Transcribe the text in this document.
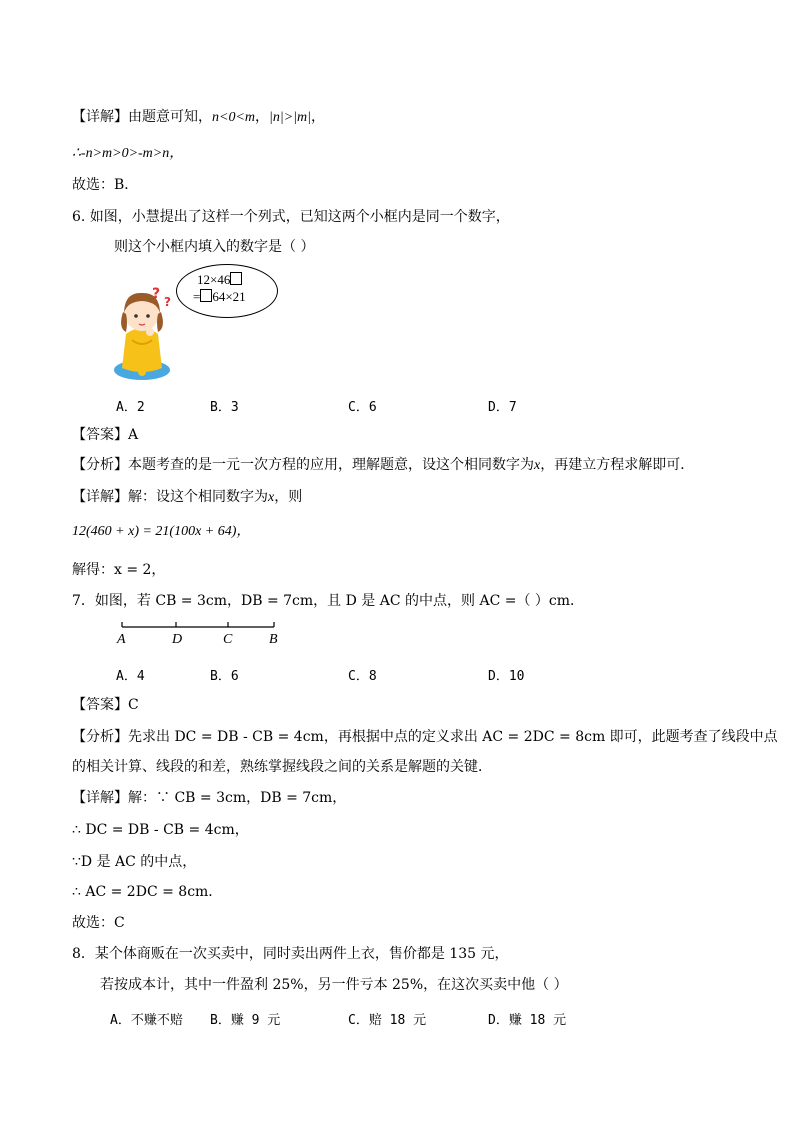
【详解】由题意可知，n<0<m，|n|>|m|，
∴-n>m>0>-m>n，
故选：B．
6. 如图，小慧提出了这样一个列式，已知这两个小框内是同一个数字，
则这个小框内填入的数字是（ ）
12×46
= 64×21
? ?
A．2	B．3	C．6	D．7
【答案】A
【分析】本题考查的是一元一次方程的应用，理解题意，设这个相同数字为x，再建立方程求解即可．
【详解】解：设这个相同数字为x，则
12(460 + x) = 21(100x + 64)，
解得：x = 2，
7．如图，若 CB = 3cm，DB = 7cm，且 D 是 AC 的中点，则 AC =（ ）cm．
A	D	C	B
A．4	B．6	C．8	D．10
【答案】C
【分析】先求出 DC = DB - CB = 4cm，再根据中点的定义求出 AC = 2DC = 8cm 即可，此题考查了线段中点
的相关计算、线段的和差，熟练掌握线段之间的关系是解题的关键．
【详解】解：∵ CB = 3cm，DB = 7cm，
∴ DC = DB - CB = 4cm，
∵D 是 AC 的中点，
∴ AC = 2DC = 8cm．
故选：C
8．某个体商贩在一次买卖中，同时卖出两件上衣，售价都是 135 元，
若按成本计，其中一件盈利 25%，另一件亏本 25%，在这次买卖中他（ ）
A．不赚不赔 B．赚 9 元	C．赔 18 元	D．赚 18 元
